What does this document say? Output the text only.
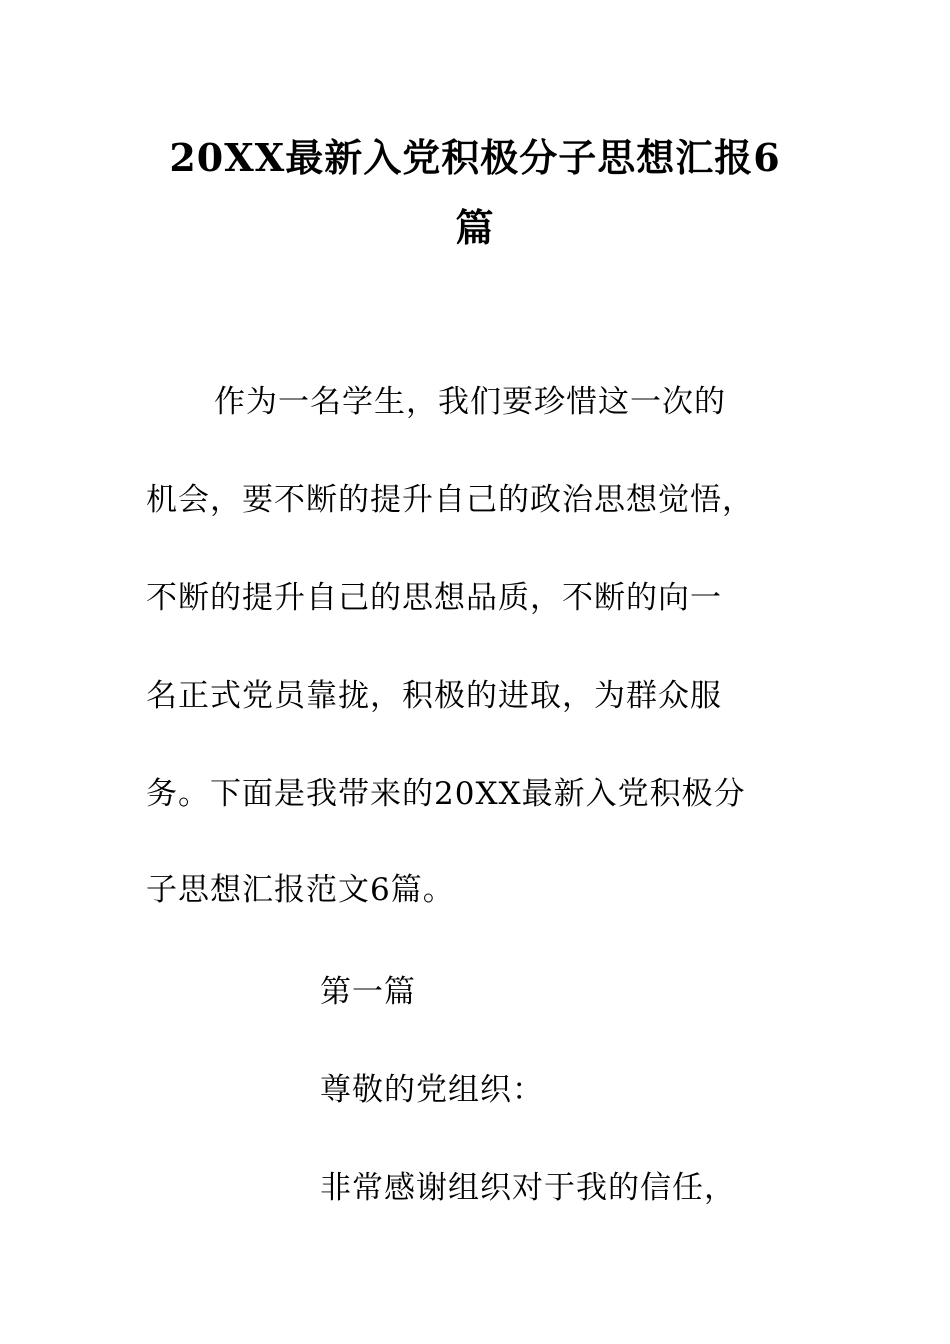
20XX最新入党积极分子思想汇报6
篇
作为一名学生，我们要珍惜这一次的
机会，要不断的提升自己的政治思想觉悟，
不断的提升自己的思想品质，不断的向一
名正式党员靠拢，积极的进取，为群众服
务。下面是我带来的20XX最新入党积极分
子思想汇报范文6篇。
第一篇
尊敬的党组织：
非常感谢组织对于我的信任，
